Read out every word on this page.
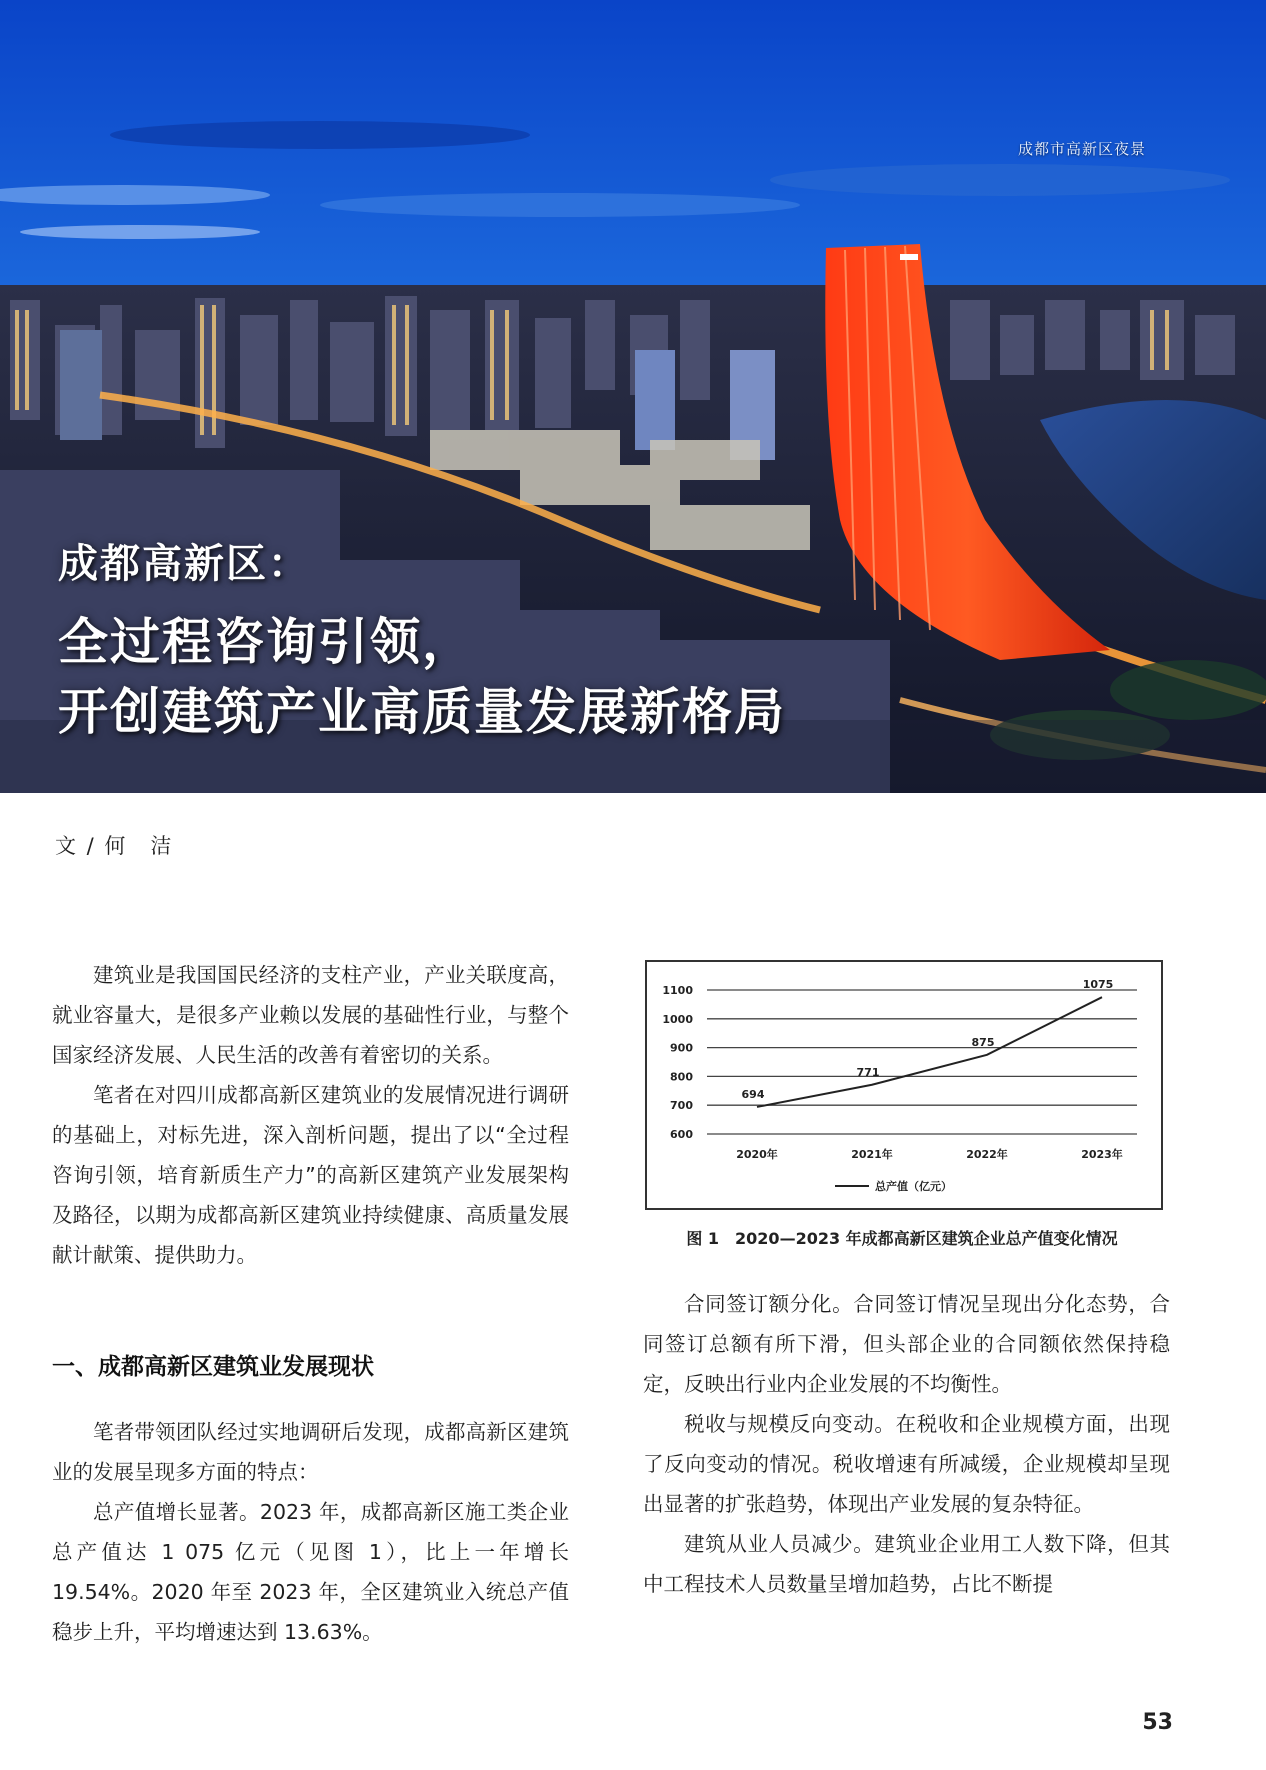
成都市高新区夜景
成都高新区：
全过程咨询引领，
开创建筑产业高质量发展新格局
文 / 何　洁

建筑业是我国国民经济的支柱产业，产业关联度高，就业容量大，是很多产业赖以发展的基础性行业，与整个国家经济发展、人民生活的改善有着密切的关系。

笔者在对四川成都高新区建筑业的发展情况进行调研的基础上，对标先进，深入剖析问题，提出了以“全过程咨询引领，培育新质生产力”的高新区建筑产业发展架构及路径，以期为成都高新区建筑业持续健康、高质量发展献计献策、提供助力。

一、成都高新区建筑业发展现状

笔者带领团队经过实地调研后发现，成都高新区建筑业的发展呈现多方面的特点：

总产值增长显著。2023 年，成都高新区施工类企业总产值达 1 075 亿元（见图 1），比上一年增长 19.54%。2020 年至 2023 年，全区建筑业入统总产值稳步上升，平均增速达到 13.63%。

600
700
800
900
1000
1100
2020年	2021年	2022年	2023年
694
771
875
1075
总产值（亿元）
图 1　2020—2023 年成都高新区建筑企业总产值变化情况

合同签订额分化。合同签订情况呈现出分化态势，合同签订总额有所下滑，但头部企业的合同额依然保持稳定，反映出行业内企业发展的不均衡性。

税收与规模反向变动。在税收和企业规模方面，出现了反向变动的情况。税收增速有所减缓，企业规模却呈现出显著的扩张趋势，体现出产业发展的复杂特征。

建筑从业人员减少。建筑业企业用工人数下降，但其中工程技术人员数量呈增加趋势，占比不断提

53
